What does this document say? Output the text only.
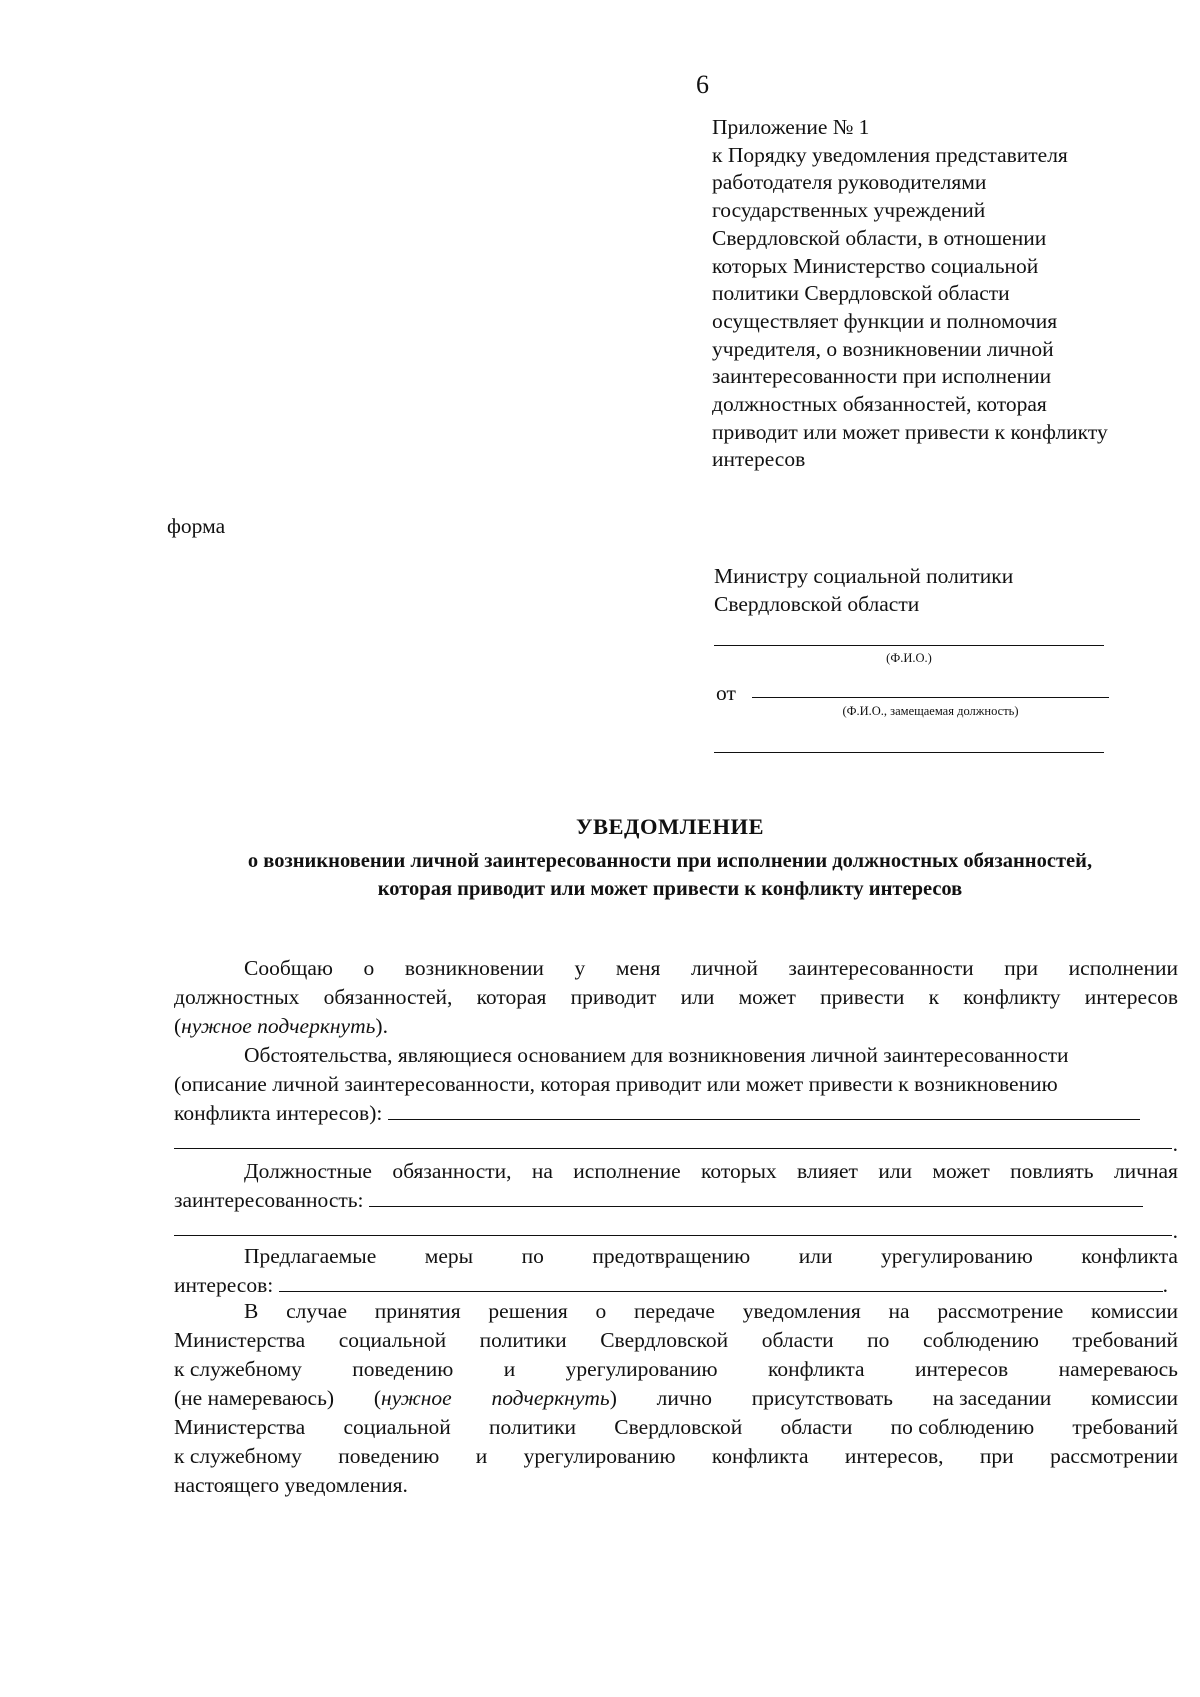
6
Приложение № 1
к Порядку уведомления представителя
работодателя руководителями
государственных учреждений
Свердловской области, в отношении
которых Министерство социальной
политики Свердловской области
осуществляет функции и полномочия
учредителя, о возникновении личной
заинтересованности при исполнении
должностных обязанностей, которая
приводит или может привести к конфликту
интересов
форма
Министру социальной политики
Свердловской области
(Ф.И.О.)
от
(Ф.И.О., замещаемая должность)
УВЕДОМЛЕНИЕ
о возникновении личной заинтересованности при исполнении должностных обязанностей,
которая приводит или может привести к конфликту интересов
Сообщаю о возникновении у меня личной заинтересованности при исполнении
должностных обязанностей, которая приводит или может привести к конфликту интересов
(нужное подчеркнуть).
Обстоятельства, являющиеся основанием для возникновения личной заинтересованности
(описание личной заинтересованности, которая приводит или может привести к возникновению
конфликта интересов):
.
Должностные обязанности, на исполнение которых влияет или может повлиять личная
заинтересованность:
.
Предлагаемые меры по предотвращению или урегулированию конфликта
интересов:	.
В случае принятия решения о передаче уведомления на рассмотрение комиссии
Министерства социальной политики Свердловской области по соблюдению требований
к служебному поведению и урегулированию конфликта интересов намереваюсь
(не намереваюсь) (нужное подчеркнуть) лично присутствовать на заседании комиссии
Министерства социальной политики Свердловской области по соблюдению требований
к служебному поведению и урегулированию конфликта интересов, при рассмотрении
настоящего уведомления.
